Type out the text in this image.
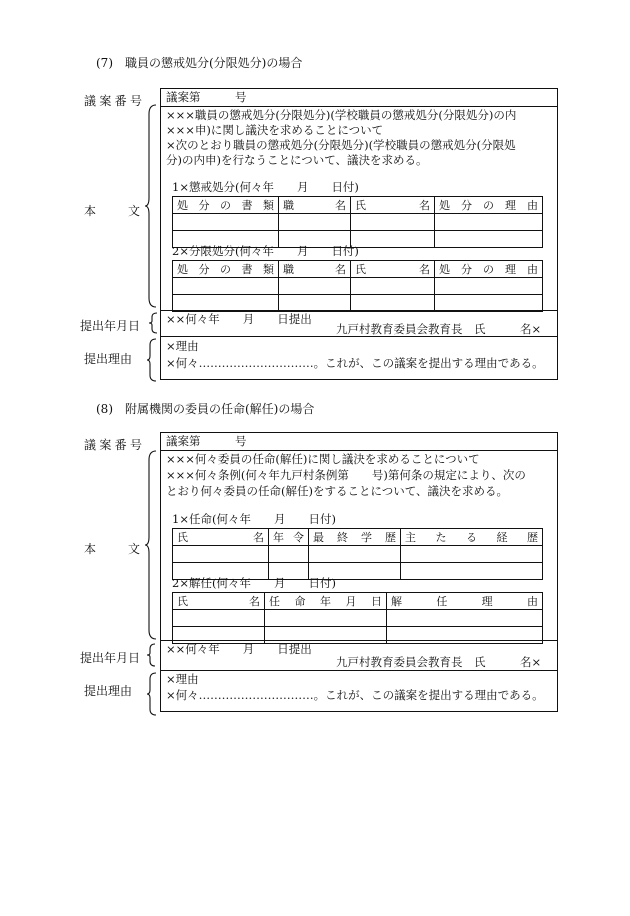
(7)　職員の懲戒処分(分限処分)の場合
議 案 番 号
本	文
提出年月日
提出理由
議案第　　　号
×××職員の懲戒処分(分限処分)(学校職員の懲戒処分(分限処分)の内
×××申)に関し議決を求めることについて
×次のとおり職員の懲戒処分(分限処分)(学校職員の懲戒処分(分限処
分)の内申)を行なうことについて、議決を求める。
1×懲戒処分(何々年　　月　　日付)
処 分 の 書 類	職 名	氏 名	処 分 の 理 由

2×分限処分(何々年　　月　　日付)
処 分 の 書 類	職 名	氏 名	処 分 の 理 由

××何々年　　月　　日提出
九戸村教育委員会教育長　氏　　　名×
×理由
×何々…………………………。これが、この議案を提出する理由である。
(8)　附属機関の委員の任命(解任)の場合
議 案 番 号
本	文
提出年月日
提出理由
議案第　　　号
×××何々委員の任命(解任)に関し議決を求めることについて
×××何々条例(何々年九戸村条例第　　号)第何条の規定により、次の
とおり何々委員の任命(解任)をすることについて、議決を求める。
1×任命(何々年　　月　　日付)
氏 名	年 令	最 終 学 歴	主 た る 経 歴

2×解任(何々年　　月　　日付)
氏 名	任 命 年 月 日	解 任 理 由

××何々年　　月　　日提出
九戸村教育委員会教育長　氏　　　名×
×理由
×何々…………………………。これが、この議案を提出する理由である。
